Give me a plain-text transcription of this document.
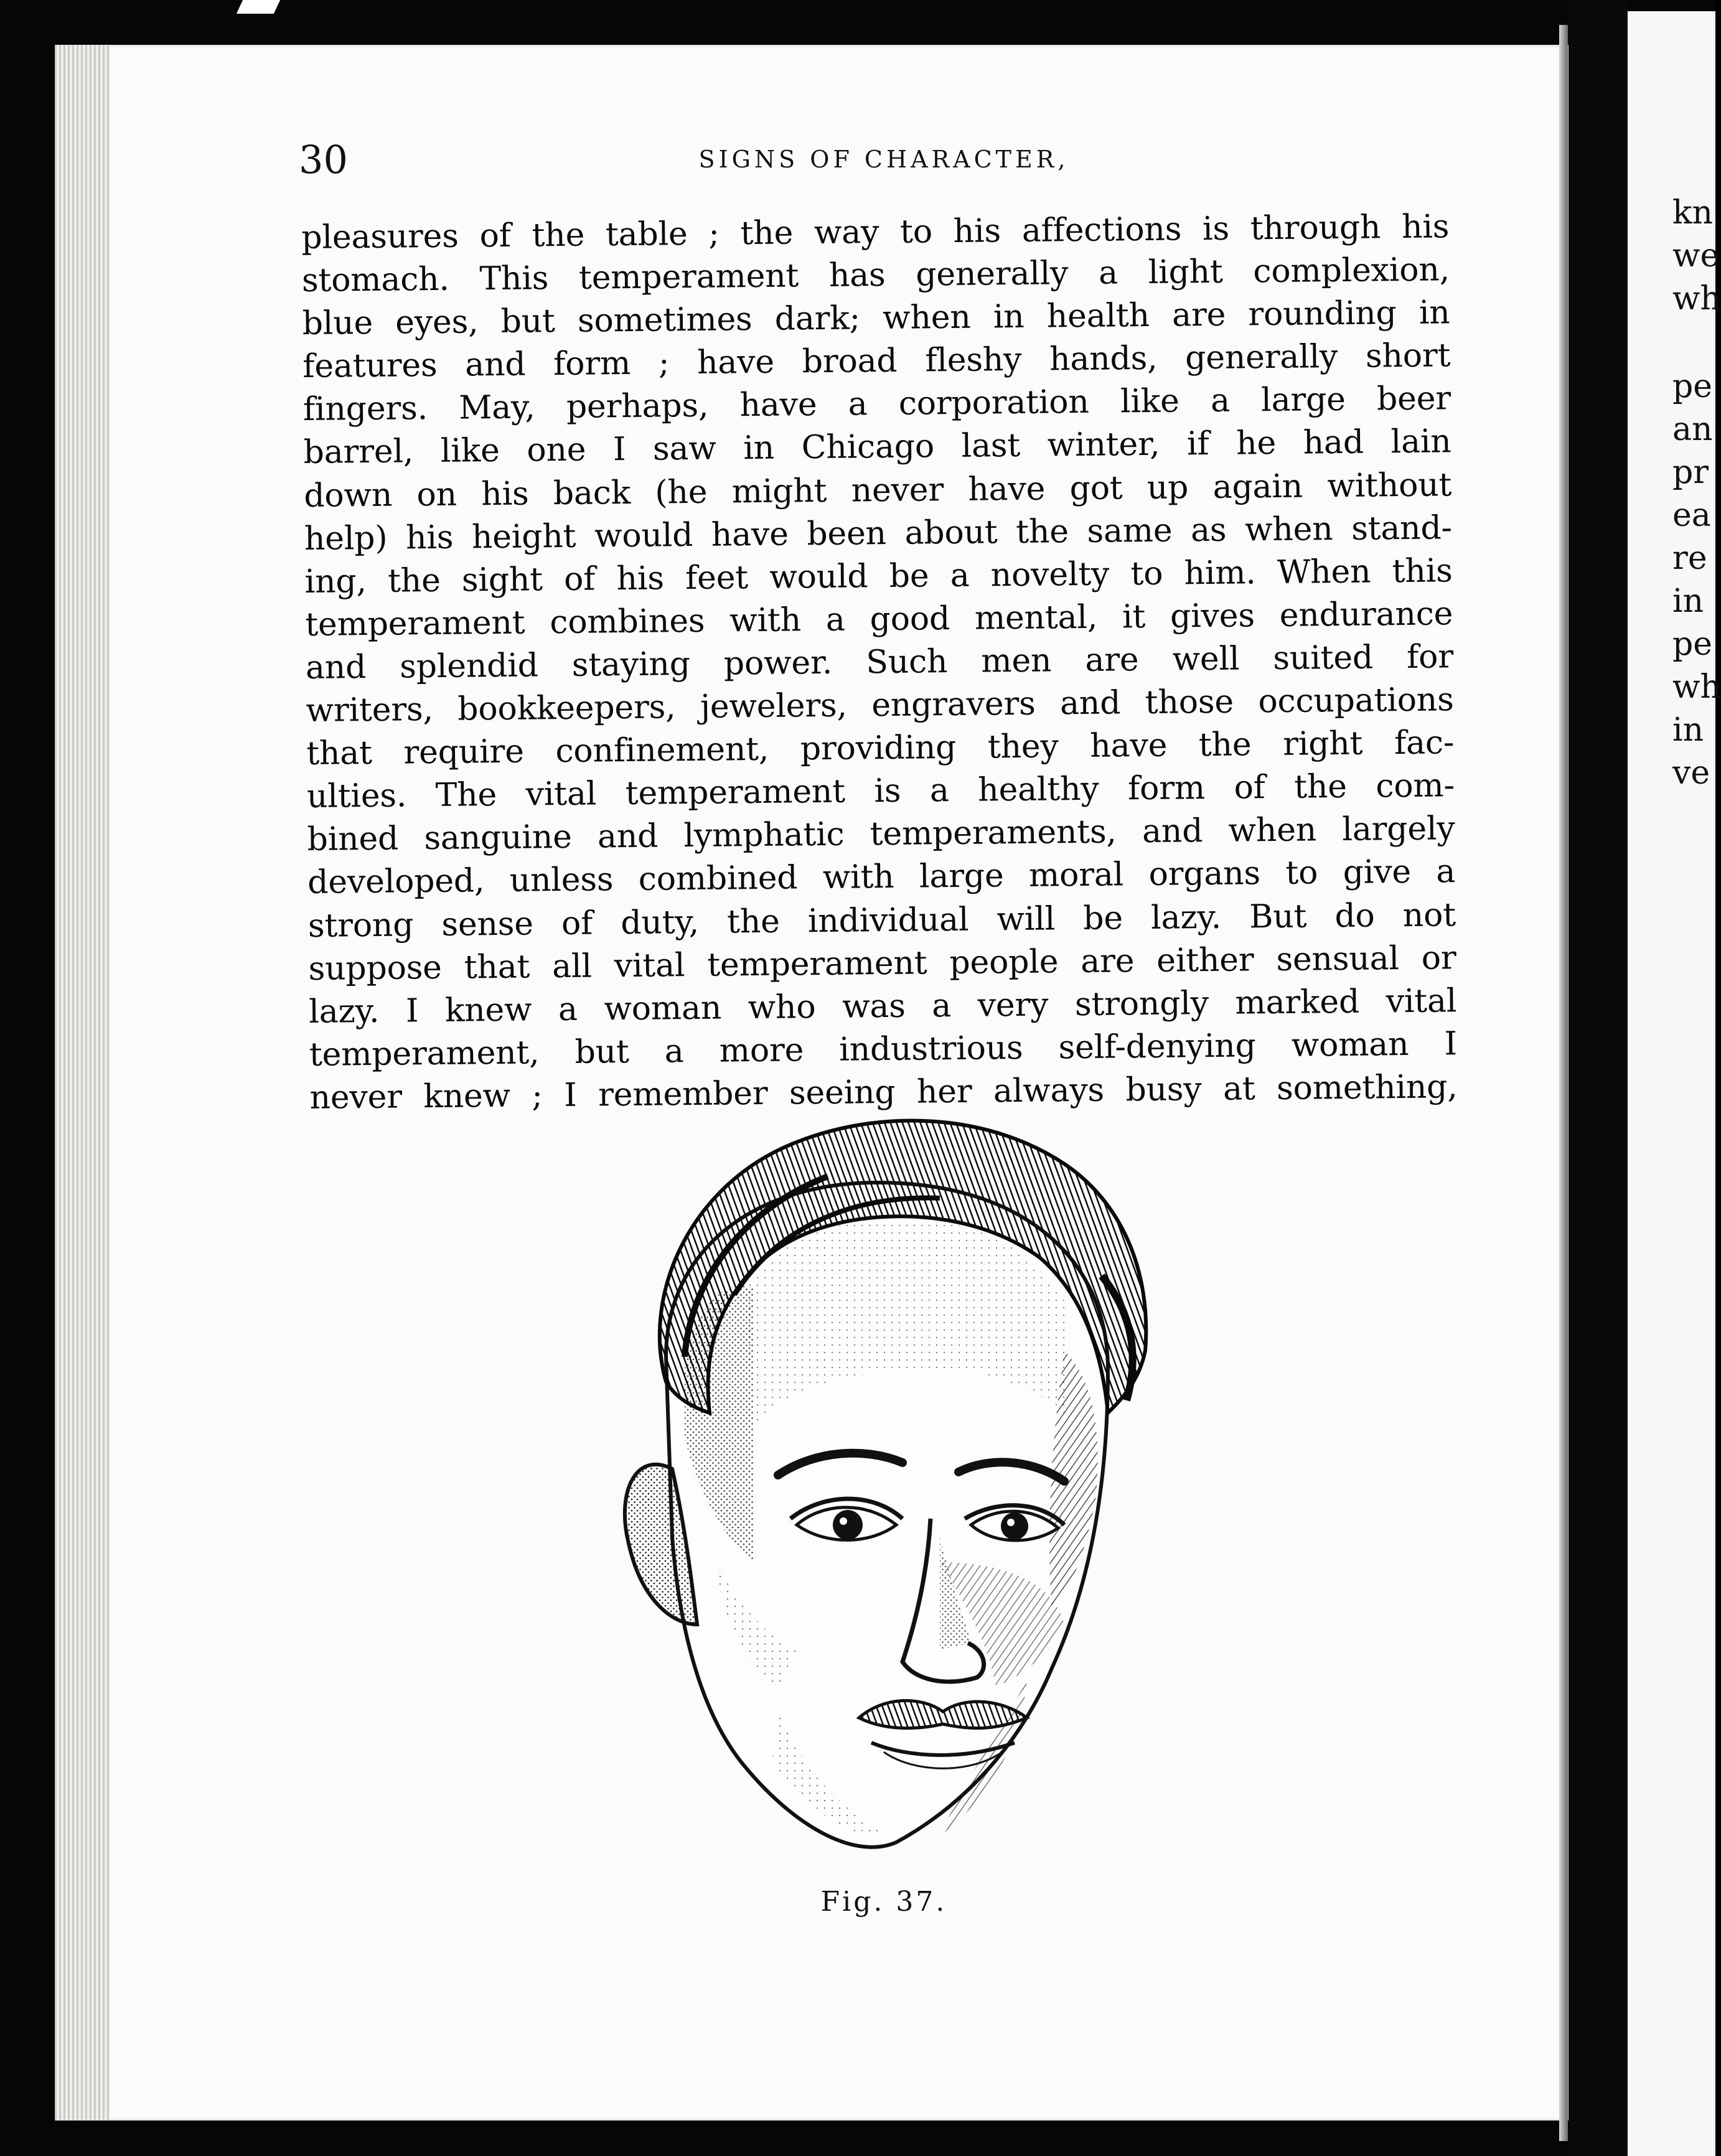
30	SIGNS OF CHARACTER,
pleasures of the table ; the way to his affections is through his
stomach. This temperament has generally a light complexion,
blue eyes, but sometimes dark; when in health are rounding in
features and form ; have broad fleshy hands, generally short
fingers. May, perhaps, have a corporation like a large beer
barrel, like one I saw in Chicago last winter, if he had lain
down on his back (he might never have got up again without
help) his height would have been about the same as when stand-
ing, the sight of his feet would be a novelty to him. When this
temperament combines with a good mental, it gives endurance
and splendid staying power. Such men are well suited for
writers, bookkeepers, jewelers, engravers and those occupations
that require confinement, providing they have the right fac-
ulties. The vital temperament is a healthy form of the com-
bined sanguine and lymphatic temperaments, and when largely
developed, unless combined with large moral organs to give a
strong sense of duty, the individual will be lazy. But do not
suppose that all vital temperament people are either sensual or
lazy. I knew a woman who was a very strongly marked vital
temperament, but a more industrious self-denying woman I
never knew ; I remember seeing her always busy at something,
Fig. 37.
kn
we
wh
pe
an
pr
ea
re
in
pe
wh
in
ve
